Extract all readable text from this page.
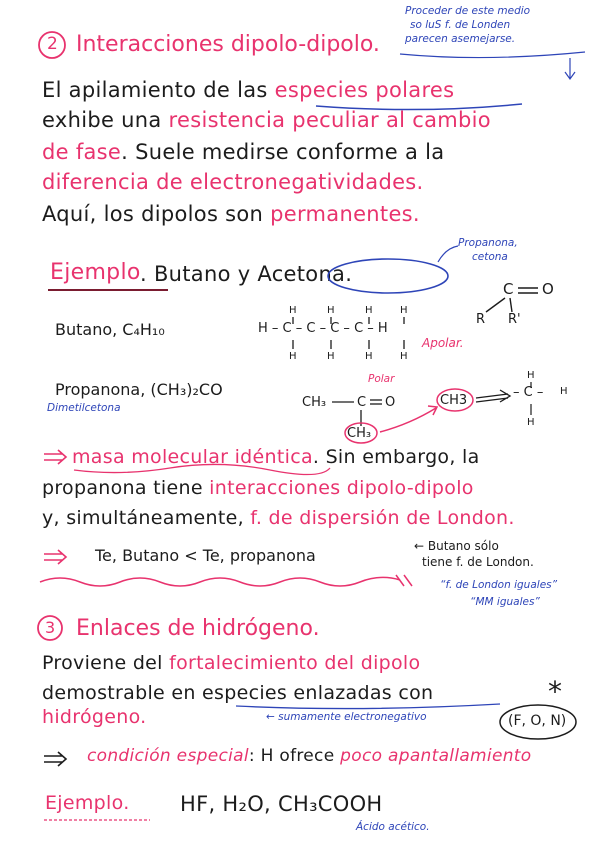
Proceder de este medio
so luS f. de Londen
parecen asemejarse.
2 Interacciones dipolo-dipolo.
El apilamiento de las especies polares
exhibe una resistencia peculiar al cambio
de fase. Suele medirse conforme a la
diferencia de electronegatividades.
Aquí, los dipolos son permanentes.
Ejemplo . Butano y Acetona.
Propanona,
cetona
Butano, C₄H₁₀	H – C – C – C – C – H
H	H	H	H
H	H	H	H
Apolar.
C O
R R'
Propanona, (CH₃)₂CO
Dimetilcetona
Polar
CH₃ C O
CH₃
CH3
H
– C – H
H
masa molecular idéntica. Sin embargo, la
propanona tiene interacciones dipolo-dipolo
y, simultáneamente, f. de dispersión de London.
Te, Butano < Te, propanona	← Butano sólo
tiene f. de London.
“f. de London iguales”
“MM iguales”
3 Enlaces de hidrógeno.
Proviene del fortalecimiento del dipolo
demostrable en especies enlazadas con
hidrógeno.
*
← sumamente electronegativo	(F, O, N)
condición especial: H ofrece poco apantallamiento
Ejemplo. HF, H₂O, CH₃COOH
Ácido acético.
